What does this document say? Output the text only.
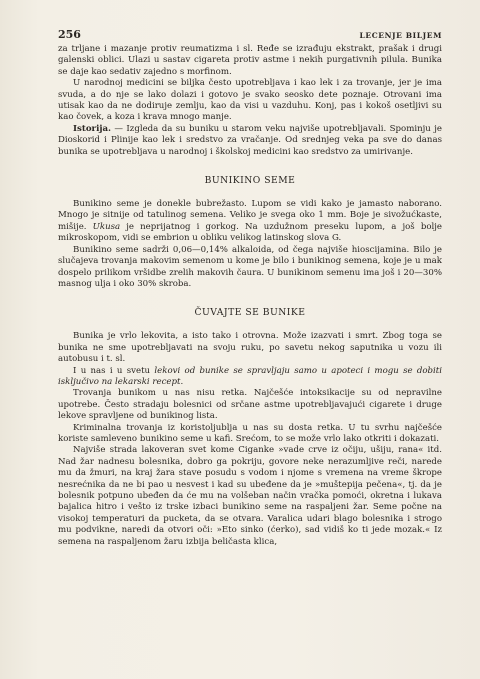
256	LECENJE BILJEM

za trljane i mazanje protiv reumatizma i sl. Ređe se izrađuju ekstrakt, prašak i drugi galenski oblici. Ulazi u sastav cigareta protiv astme i nekih purgativnih pilula. Bunika se daje kao sedativ zajedno s morfinom.

U narodnoj medicini se biljka često upotrebljava i kao lek i za trovanje, jer je ima svuda, a do nje se lako dolazi i gotovo je svako seosko dete poznaje. Otrovani ima utisak kao da ne dodiruje zemlju, kao da visi u vazduhu. Konj, pas i kokoš osetljivi su kao čovek, a koza i krava mnogo manje.

Istorija. — Izgleda da su buniku u starom veku najviše upotrebljavali. Spominju je Dioskorid i Plinije kao lek i sredstvo za vračanje. Od srednjeg veka pa sve do danas bunika se upotrebljava u narodnoj i školskoj medicini kao sredstvo za umirivanje.

BUNIKINO SEME

Bunikino seme je donekle bubrežasto. Lupom se vidi kako je jamasto naborano. Mnogo je sitnije od tatulinog semena. Veliko je svega oko 1 mm. Boje je sivožućkaste, mišije. Ukusa je neprijatnog i gorkog. Na uzdužnom preseku lupom, a još bolje mikroskopom, vidi se embrion u obliku velikog latinskog slova G.

Bunikino seme sadrži 0,06—0,14% alkaloida, od čega najviše hioscijamina. Bilo je slučajeva trovanja makovim semenom u kome je bilo i bunikinog semena, koje je u mak dospelo prilikom vršidbe zrelih makovih čaura. U bunikinom semenu ima još i 20—30% masnog ulja i oko 30% skroba.

ČUVAJTE SE BUNIKE

Bunika je vrlo lekovita, a isto tako i otrovna. Može izazvati i smrt. Zbog toga se bunika ne sme upotrebljavati na svoju ruku, po savetu nekog saputnika u vozu ili autobusu i t. sl.

I u nas i u svetu lekovi od bunike se spravljaju samo u apoteci i mogu se dobiti isključivo na lekarski recept.

Trovanja bunikom u nas nisu retka. Najčešće intoksikacije su od nepravilne upotrebe. Često stradaju bolesnici od srčane astme upotrebljavajući cigarete i druge lekove spravljene od bunikinog lista.

Kriminalna trovanja iz koristoljublja u nas su dosta retka. U tu svrhu najčešće koriste samleveno bunikino seme u kafi. Srećom, to se može vrlo lako otkriti i dokazati.

Najviše strada lakoveran svet kome Ciganke »vade crve iz očiju, ušiju, rana« itd. Nad žar nadnesu bolesnika, dobro ga pokriju, govore neke nerazumljive reči, narede mu da žmuri, na kraj žara stave posudu s vodom i njome s vremena na vreme škrope nesrećnika da ne bi pao u nesvest i kad su ubeđene da je »muštерija pečena«, tj. da je bolesnik potpuno ubeđen da će mu na volšeban način vračka pomoći, okretna i lukava bajalica hitro i veštо iz trske izbaci bunikino seme na raspaljeni žar. Seme počne na visokoj temperaturi da pucketa, da se otvara. Varalica udari blago bolesnika i strogo mu podvikne, naredi da otvori oči: »Eto sinko (ćerko), sad vidiš ko ti jede mozak.« Iz semena na raspaljenom žaru izbija beličasta klica,
